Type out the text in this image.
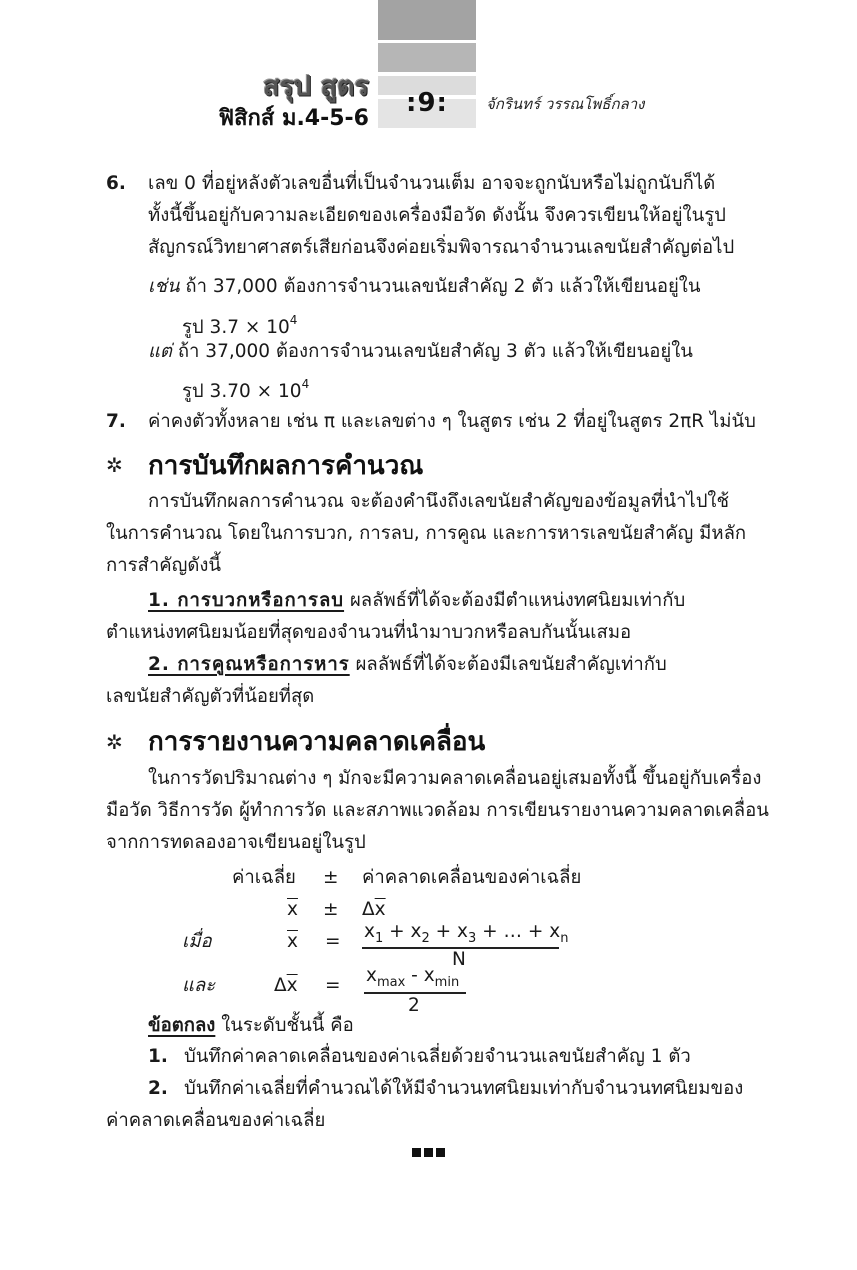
:9:
สรุป สูตร
ฟิสิกส์ ม.4-5-6
จักรินทร์ วรรณโพธิ์กลาง
6. เลข 0 ที่อยู่หลังตัวเลขอื่นที่เป็นจำนวนเต็ม อาจจะถูกนับหรือไม่ถูกนับก็ได้
ทั้งนี้ขึ้นอยู่กับความละเอียดของเครื่องมือวัด ดังนั้น จึงควรเขียนให้อยู่ในรูป
สัญกรณ์วิทยาศาสตร์เสียก่อนจึงค่อยเริ่มพิจารณาจำนวนเลขนัยสำคัญต่อไป
เช่น ถ้า 37,000 ต้องการจำนวนเลขนัยสำคัญ 2 ตัว แล้วให้เขียนอยู่ใน
รูป $3.7 \times 10^4$
แต่ ถ้า 37,000 ต้องการจำนวนเลขนัยสำคัญ 3 ตัว แล้วให้เขียนอยู่ใน
รูป $3.70 \times 10^4$
7. ค่าคงตัวทั้งหลาย เช่น π และเลขต่าง ๆ ในสูตร เช่น 2 ที่อยู่ในสูตร 2πR ไม่นับ
✲ การบันทึกผลการคำนวณ
การบันทึกผลการคำนวณ จะต้องคำนึงถึงเลขนัยสำคัญของข้อมูลที่นำไปใช้
ในการคำนวณ โดยในการบวก, การลบ, การคูณ และการหารเลขนัยสำคัญ มีหลัก
การสำคัญดังนี้
1. การบวกหรือการลบ ผลลัพธ์ที่ได้จะต้องมีตำแหน่งทศนิยมเท่ากับ
ตำแหน่งทศนิยมน้อยที่สุดของจำนวนที่นำมาบวกหรือลบกันนั้นเสมอ
2. การคูณหรือการหาร ผลลัพธ์ที่ได้จะต้องมีเลขนัยสำคัญเท่ากับ
เลขนัยสำคัญตัวที่น้อยที่สุด
✲ การรายงานความคลาดเคลื่อน
ในการวัดปริมาณต่าง ๆ มักจะมีความคลาดเคลื่อนอยู่เสมอทั้งนี้ ขึ้นอยู่กับเครื่อง
มือวัด วิธีการวัด ผู้ทำการวัด และสภาพแวดล้อม การเขียนรายงานความคลาดเคลื่อน
จากการทดลองอาจเขียนอยู่ในรูป
ค่าเฉลี่ย ± ค่าคลาดเคลื่อนของค่าเฉลี่ย
$\overline{x} \pm \Delta\overline{x}$
เมื่อ	$\overline{x} = x_1 + x_2 + x_3$ + … + $x_n$
N
และ	$\Delta\overline{x} = x_{max} - x_{min}$
2
ข้อตกลง ในระดับชั้นนี้ คือ
1. บันทึกค่าคลาดเคลื่อนของค่าเฉลี่ยด้วยจำนวนเลขนัยสำคัญ 1 ตัว
2. บันทึกค่าเฉลี่ยที่คำนวณได้ให้มีจำนวนทศนิยมเท่ากับจำนวนทศนิยมของ
ค่าคลาดเคลื่อนของค่าเฉลี่ย
